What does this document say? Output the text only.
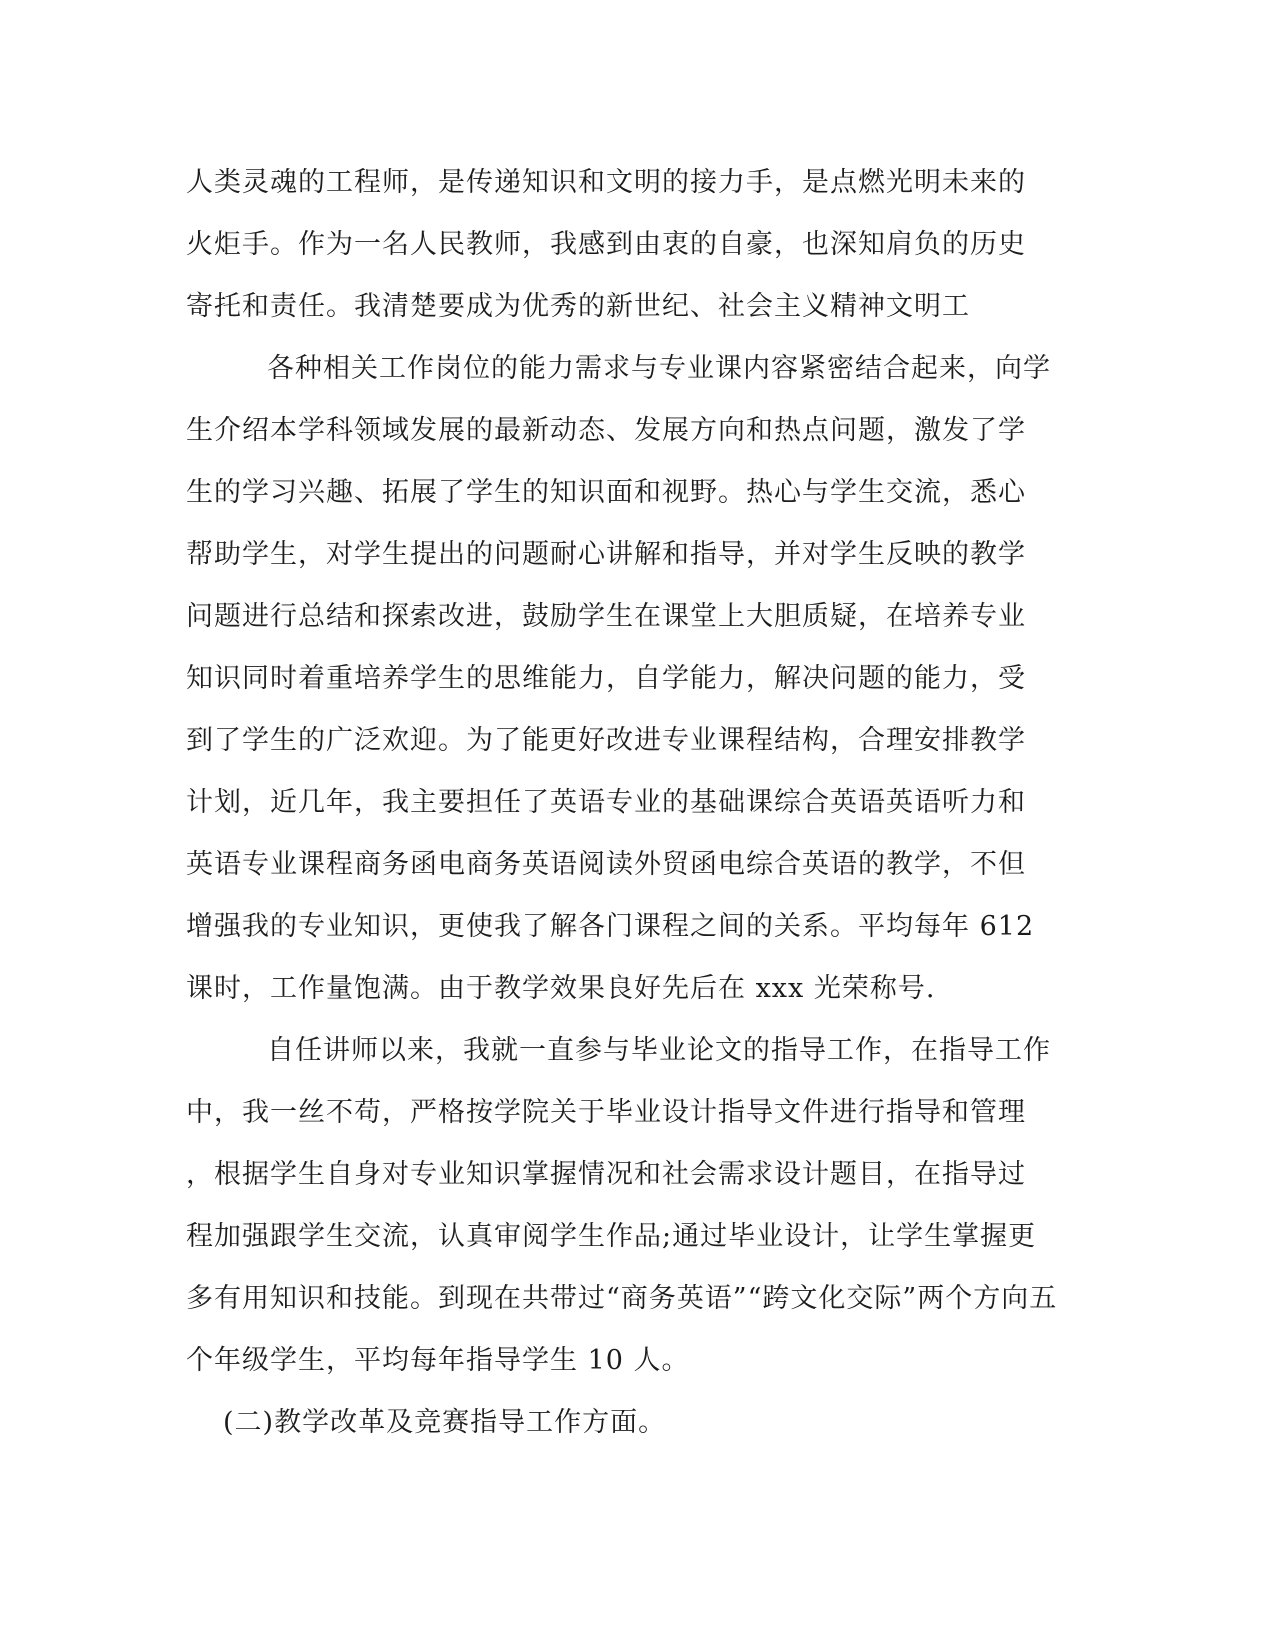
人类灵魂的工程师，是传递知识和文明的接力手，是点燃光明未来的
火炬手。作为一名人民教师，我感到由衷的自豪，也深知肩负的历史
寄托和责任。我清楚要成为优秀的新世纪、社会主义精神文明工
各种相关工作岗位的能力需求与专业课内容紧密结合起来，向学
生介绍本学科领域发展的最新动态、发展方向和热点问题，激发了学
生的学习兴趣、拓展了学生的知识面和视野。热心与学生交流，悉心
帮助学生，对学生提出的问题耐心讲解和指导，并对学生反映的教学
问题进行总结和探索改进，鼓励学生在课堂上大胆质疑，在培养专业
知识同时着重培养学生的思维能力，自学能力，解决问题的能力，受
到了学生的广泛欢迎。为了能更好改进专业课程结构，合理安排教学
计划，近几年，我主要担任了英语专业的基础课综合英语英语听力和
英语专业课程商务函电商务英语阅读外贸函电综合英语的教学，不但
增强我的专业知识，更使我了解各门课程之间的关系。平均每年 612
课时，工作量饱满。由于教学效果良好先后在 xxx 光荣称号.
自任讲师以来，我就一直参与毕业论文的指导工作，在指导工作
中，我一丝不苟，严格按学院关于毕业设计指导文件进行指导和管理
，根据学生自身对专业知识掌握情况和社会需求设计题目，在指导过
程加强跟学生交流，认真审阅学生作品;通过毕业设计，让学生掌握更
多有用知识和技能。到现在共带过“商务英语”“跨文化交际”两个方向五
个年级学生，平均每年指导学生 10 人。
(二)教学改革及竞赛指导工作方面。
